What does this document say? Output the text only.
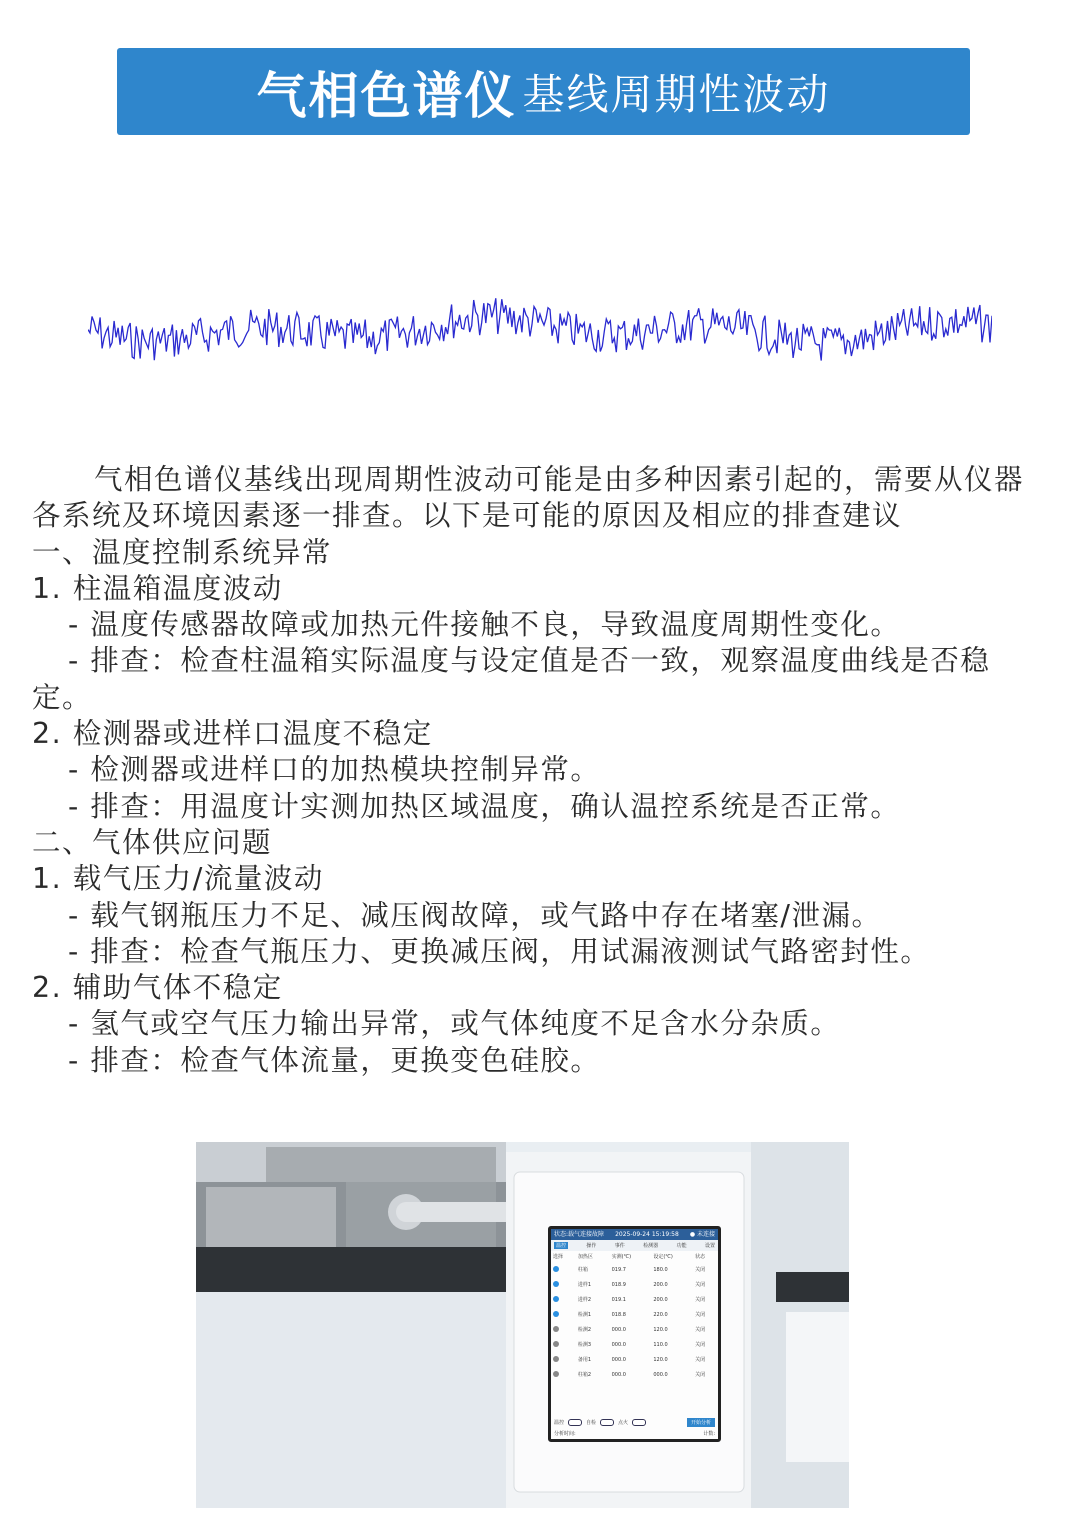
气相色谱仪 基线周期性波动

气相色谱仪基线出现周期性波动可能是由多种因素引起的，需要从仪器各系统及环境因素逐一排查。以下是可能的原因及相应的排查建议

一、温度控制系统异常

1. 柱温箱温度波动

- 温度传感器故障或加热元件接触不良，导致温度周期性变化。

- 排查：检查柱温箱实际温度与设定值是否一致，观察温度曲线是否稳定。

2. 检测器或进样口温度不稳定

- 检测器或进样口的加热模块控制异常。

- 排查：用温度计实测加热区域温度，确认温控系统是否正常。

二、气体供应问题

1. 载气压力/流量波动

- 载气钢瓶压力不足、减压阀故障，或气路中存在堵塞/泄漏。

- 排查：检查气瓶压力、更换减压阀，用试漏液测试气路密封性。

2. 辅助气体不稳定

- 氢气或空气压力输出异常，或气体纯度不足含水分杂质。

- 排查：检查气体流量，更换变色硅胶。

状态:载气连接故障 2025-09-24 15:19:58 ● 未连接
温控	操作	事件	检测器	功能	设置
选择	加热区	实测(℃)	设定(℃)	状态
	柱箱	019.7	180.0	关闭
	进样1	018.9	200.0	关闭
	进样2	019.1	200.0	关闭
	检测1	018.8	220.0	关闭
	检测2	000.0	120.0	关闭
	检测3	000.0	110.0	关闭
	备用1	000.0	120.0	关闭
	柱箱2	000.0	000.0	关闭
温控	自检	点火	开始分析
分析时间:	计数:
